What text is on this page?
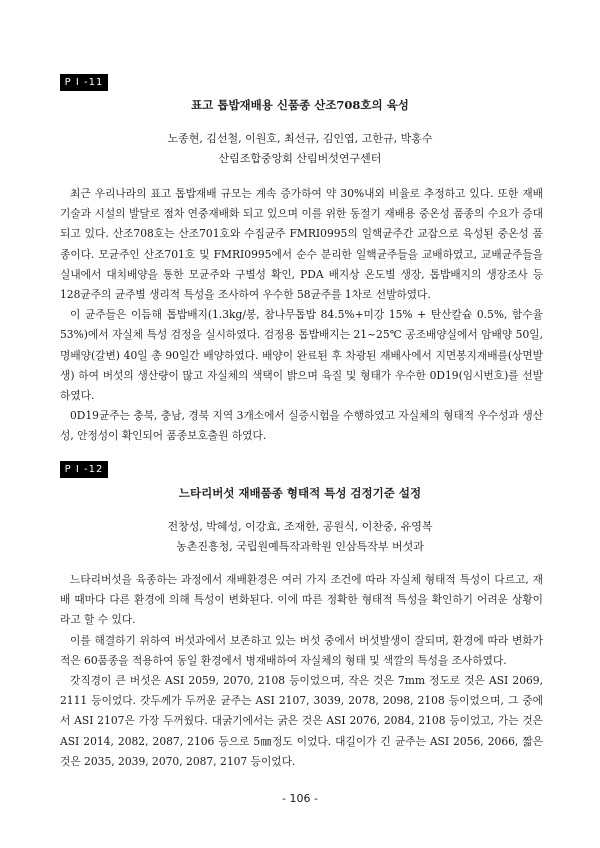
P I -11
표고 톱밥재배용 신품종 산조708호의 육성
노종현, 김선철, 이원호, 최선규, 김인엽, 고한규, 박홍수
산림조합중앙회 산림버섯연구센터

최근 우리나라의 표고 톱밥재배 규모는 계속 증가하여 약 30%내외 비율로 추정하고 있다. 또한 재배기술과 시설의 발달로 점차 연중재배화 되고 있으며 이를 위한 동절기 재배용 중온성 품종의 수요가 증대되고 있다. 산조708호는 산조701호와 수집균주 FMRI0995의 일핵균주간 교잡으로 육성된 중온성 품종이다. 모균주인 산조701호 및 FMRI0995에서 순수 분리한 일핵균주들을 교배하였고, 교배균주들을 실내에서 대치배양을 통한 모균주와 구별성 확인, PDA 배지상 온도별 생장, 톱밥배지의 생장조사 등 128균주의 균주별 생리적 특성을 조사하여 우수한 58균주를 1차로 선발하였다.

이 균주들은 이듬해 톱밥배지(1.3kg/봉, 참나무톱밥 84.5%+미강 15% + 탄산칼슘 0.5%, 함수율 53%)에서 자실체 특성 검정을 실시하였다. 검정용 톱밥배지는 21~25℃ 공조배양실에서 암배양 50일, 명배양(갈변) 40일 총 90일간 배양하였다. 배양이 완료된 후 차광된 재배사에서 지면봉지재배를(상면발생) 하여 버섯의 생산량이 많고 자실체의 색택이 밝으며 육질 및 형태가 우수한 0D19(임시번호)를 선발 하였다.

0D19균주는 충북, 충남, 경북 지역 3개소에서 실증시험을 수행하였고 자실체의 형태적 우수성과 생산성, 안정성이 확인되어 품종보호출원 하였다.

P I -12
느타리버섯 재배품종 형태적 특성 검정기준 설정
전창성, 박혜성, 이강효, 조재한, 공원식, 이찬중, 유영복
농촌진흥청, 국립원예특작과학원 인삼특작부 버섯과

느타리버섯을 육종하는 과정에서 재배환경은 여러 가지 조건에 따라 자실체 형태적 특성이 다르고, 재배 때마다 다른 환경에 의해 특성이 변화된다. 이에 따른 정확한 형태적 특성을 확인하기 어려운 상황이라고 할 수 있다.

이를 해결하기 위하여 버섯과에서 보존하고 있는 버섯 중에서 버섯발생이 잘되며, 환경에 따라 변화가 적은 60품종을 적용하여 동일 환경에서 병재배하여 자실체의 형태 및 색깔의 특성을 조사하였다.

갓직경이 큰 버섯은 ASI 2059, 2070, 2108 등이었으며, 작은 것은 7mm 정도로 것은 ASI 2069, 2111 등이었다. 갓두께가 두꺼운 균주는 ASI 2107, 3039, 2078, 2098, 2108 등이었으며, 그 중에서 ASI 2107은 가장 두꺼웠다. 대굵기에서는 굵은 것은 ASI 2076, 2084, 2108 등이었고, 가는 것은 ASI 2014, 2082, 2087, 2106 등으로 5㎜정도 이었다. 대길이가 긴 균주는 ASI 2056, 2066, 짧은 것은 2035, 2039, 2070, 2087, 2107 등이었다.

- 106 -
